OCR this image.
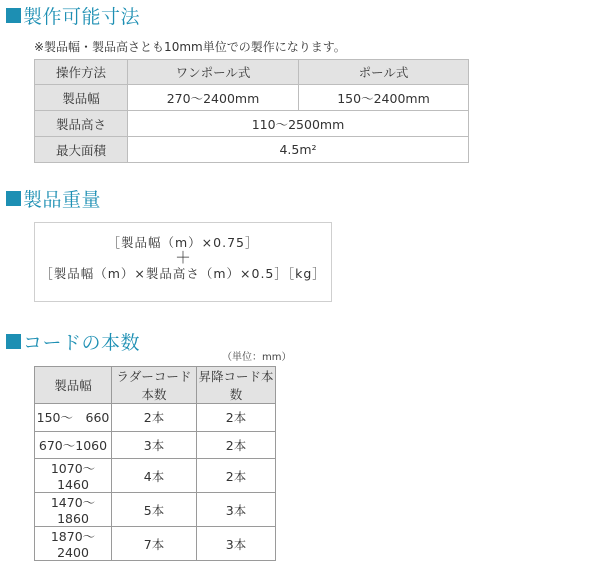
製作可能寸法
※製品幅・製品高さとも10mm単位での製作になります。
操作方法	ワンポール式	ポール式
製品幅	270〜2400mm	150〜2400mm
製品高さ	110〜2500mm	
最大面積	4.5m²	
製品重量
［製品幅（m）×0.75］
＋
［製品幅（m）×製品高さ（m）×0.5］［kg］
コードの本数
（単位：mm）
製品幅	ラダーコード本数	昇降コード本数
150〜　660	2本	2本
670〜1060	3本	2本
1070〜1460	4本	2本
1470〜1860	5本	3本
1870〜2400	7本	3本
